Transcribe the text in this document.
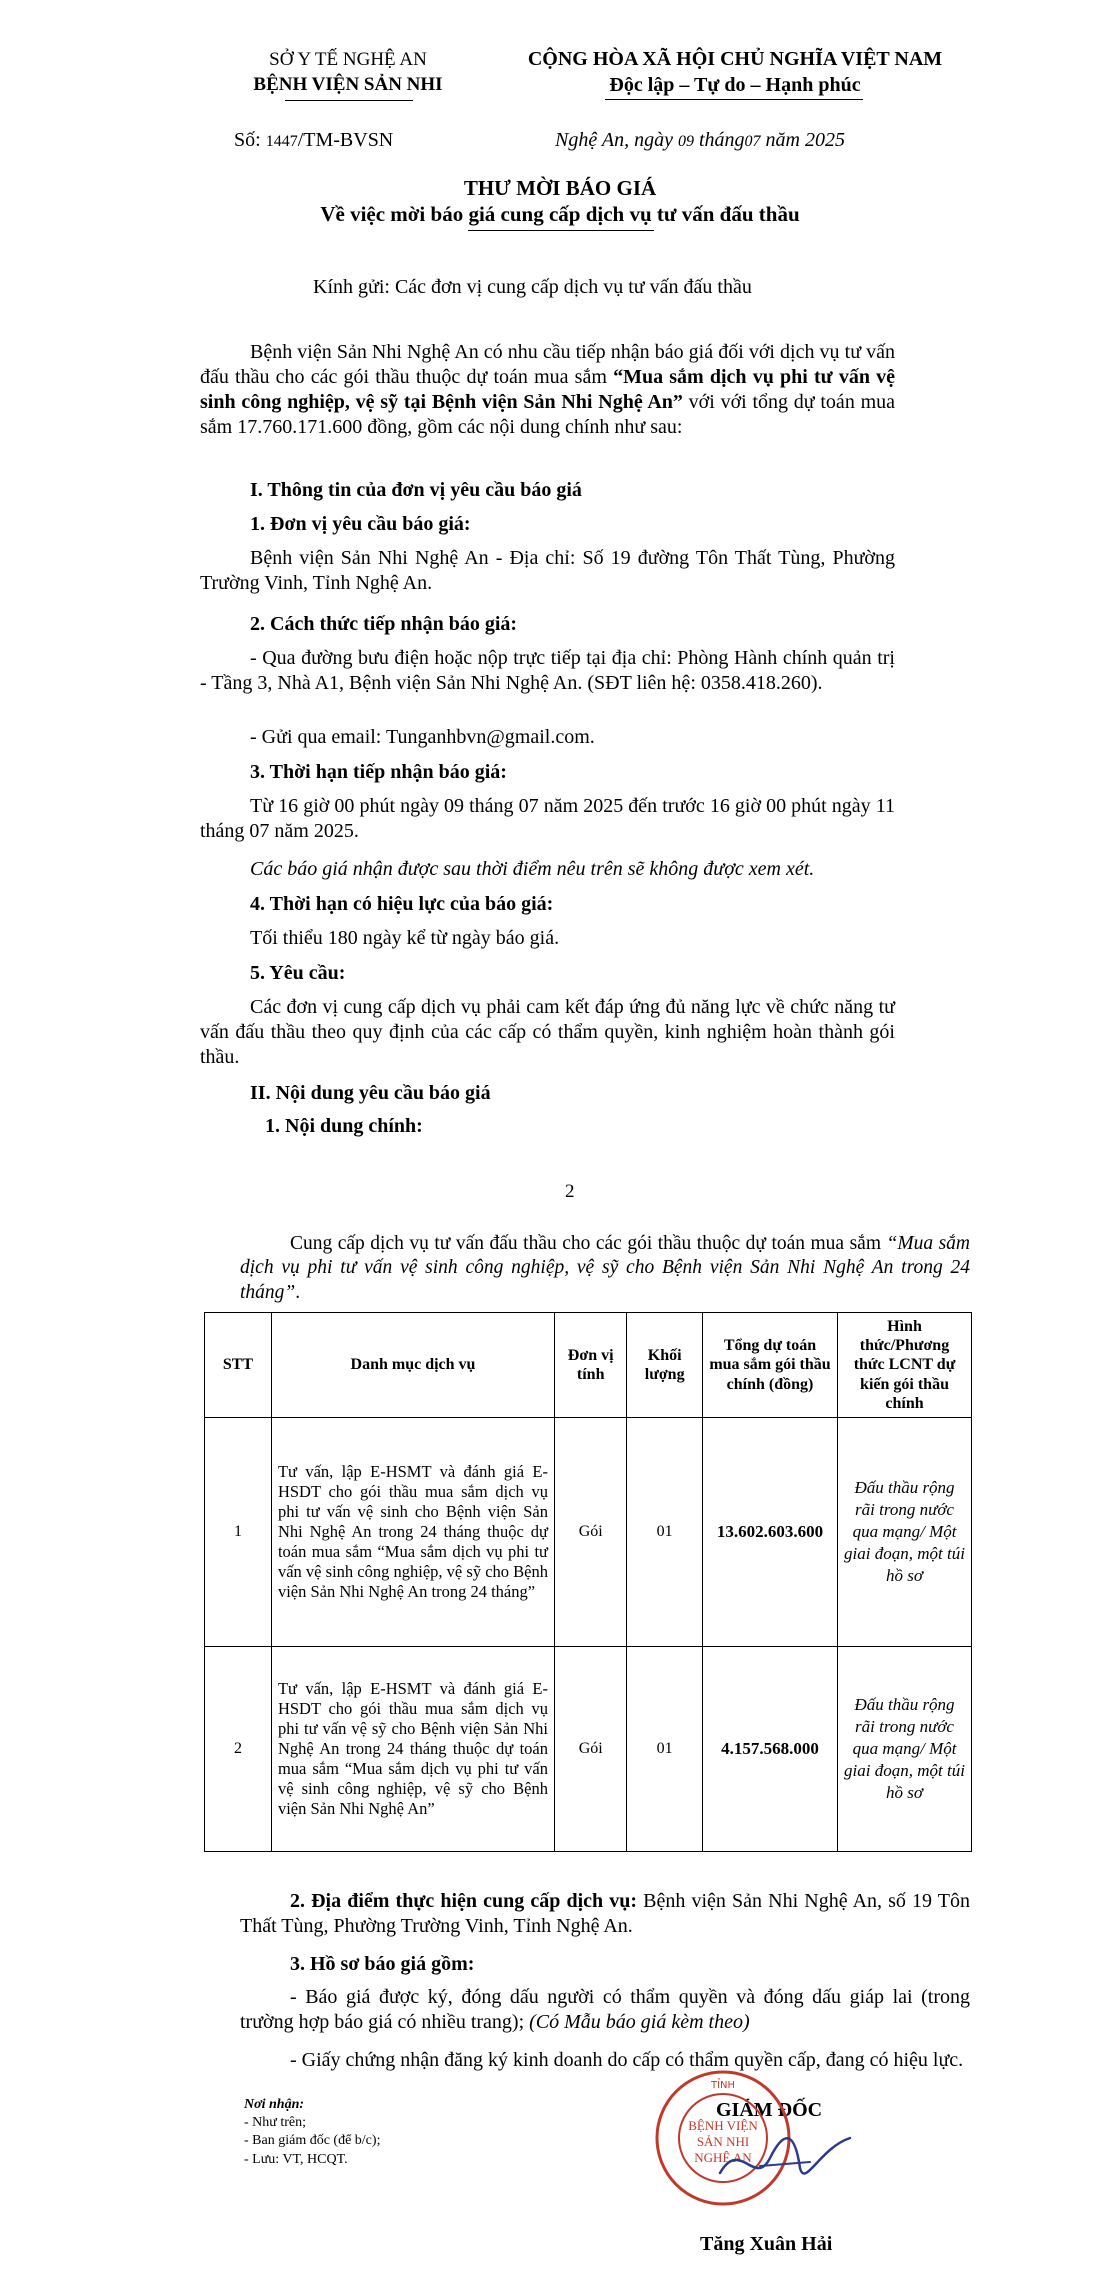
SỞ Y TẾ NGHỆ AN
BỆNH VIỆN SẢN NHI
CỘNG HÒA XÃ HỘI CHỦ NGHĨA VIỆT NAM
Độc lập – Tự do – Hạnh phúc
Số: 1447/TM-BVSN	Nghệ An, ngày 09 tháng07 năm 2025
THƯ MỜI BÁO GIÁ
Về việc mời báo giá cung cấp dịch vụ tư vấn đấu thầu
Kính gửi: Các đơn vị cung cấp dịch vụ tư vấn đấu thầu

Bệnh viện Sản Nhi Nghệ An có nhu cầu tiếp nhận báo giá đối với dịch vụ tư vấn đấu thầu cho các gói thầu thuộc dự toán mua sắm “Mua sắm dịch vụ phi tư vấn vệ sinh công nghiệp, vệ sỹ tại Bệnh viện Sản Nhi Nghệ An” với với tổng dự toán mua sắm 17.760.171.600 đồng, gồm các nội dung chính như sau:

I. Thông tin của đơn vị yêu cầu báo giá
1. Đơn vị yêu cầu báo giá:

Bệnh viện Sản Nhi Nghệ An - Địa chỉ: Số 19 đường Tôn Thất Tùng, Phường Trường Vinh, Tỉnh Nghệ An.

2. Cách thức tiếp nhận báo giá:

- Qua đường bưu điện hoặc nộp trực tiếp tại địa chỉ: Phòng Hành chính quản trị - Tầng 3, Nhà A1, Bệnh viện Sản Nhi Nghệ An. (SĐT liên hệ: 0358.418.260).

- Gửi qua email: Tunganhbvn@gmail.com.

3. Thời hạn tiếp nhận báo giá:

Từ 16 giờ 00 phút ngày 09 tháng 07 năm 2025 đến trước 16 giờ 00 phút ngày 11 tháng 07 năm 2025.

Các báo giá nhận được sau thời điểm nêu trên sẽ không được xem xét.

4. Thời hạn có hiệu lực của báo giá:

Tối thiểu 180 ngày kể từ ngày báo giá.

5. Yêu cầu:

Các đơn vị cung cấp dịch vụ phải cam kết đáp ứng đủ năng lực về chức năng tư vấn đấu thầu theo quy định của các cấp có thẩm quyền, kinh nghiệm hoàn thành gói thầu.

II. Nội dung yêu cầu báo giá
1. Nội dung chính:
2

Cung cấp dịch vụ tư vấn đấu thầu cho các gói thầu thuộc dự toán mua sắm “Mua sắm dịch vụ phi tư vấn vệ sinh công nghiệp, vệ sỹ cho Bệnh viện Sản Nhi Nghệ An trong 24 tháng”.

STT	Danh mục dịch vụ	Đơn vị tính	Khối lượng	Tổng dự toán mua sắm gói thầu chính (đồng)	Hình thức/Phương thức LCNT dự kiến gói thầu chính
1	Tư vấn, lập E-HSMT và đánh giá E-HSDT cho gói thầu mua sắm dịch vụ phi tư vấn vệ sinh cho Bệnh viện Sản Nhi Nghệ An trong 24 tháng thuộc dự toán mua sắm “Mua sắm dịch vụ phi tư vấn vệ sinh công nghiệp, vệ sỹ cho Bệnh viện Sản Nhi Nghệ An trong 24 tháng”	Gói	01	13.602.603.600	Đấu thầu rộng rãi trong nước qua mạng/ Một giai đoạn, một túi hồ sơ
2	Tư vấn, lập E-HSMT và đánh giá E-HSDT cho gói thầu mua sắm dịch vụ phi tư vấn vệ sỹ cho Bệnh viện Sản Nhi Nghệ An trong 24 tháng thuộc dự toán mua sắm “Mua sắm dịch vụ phi tư vấn vệ sinh công nghiệp, vệ sỹ cho Bệnh viện Sản Nhi Nghệ An”	Gói	01	4.157.568.000	Đấu thầu rộng rãi trong nước qua mạng/ Một giai đoạn, một túi hồ sơ

2. Địa điểm thực hiện cung cấp dịch vụ: Bệnh viện Sản Nhi Nghệ An, số 19 Tôn Thất Tùng, Phường Trường Vinh, Tỉnh Nghệ An.

3. Hồ sơ báo giá gồm:

- Báo giá được ký, đóng dấu người có thẩm quyền và đóng dấu giáp lai (trong trường hợp báo giá có nhiều trang); (Có Mẫu báo giá kèm theo)

- Giấy chứng nhận đăng ký kinh doanh do cấp có thẩm quyền cấp, đang có hiệu lực.

Nơi nhận:
- Như trên;
- Ban giám đốc (để b/c);
- Lưu: VT, HCQT.
GIÁM ĐỐC
TỈNH
BỆNH VIỆN
SẢN NHI
NGHỆ AN
Tăng Xuân Hải
